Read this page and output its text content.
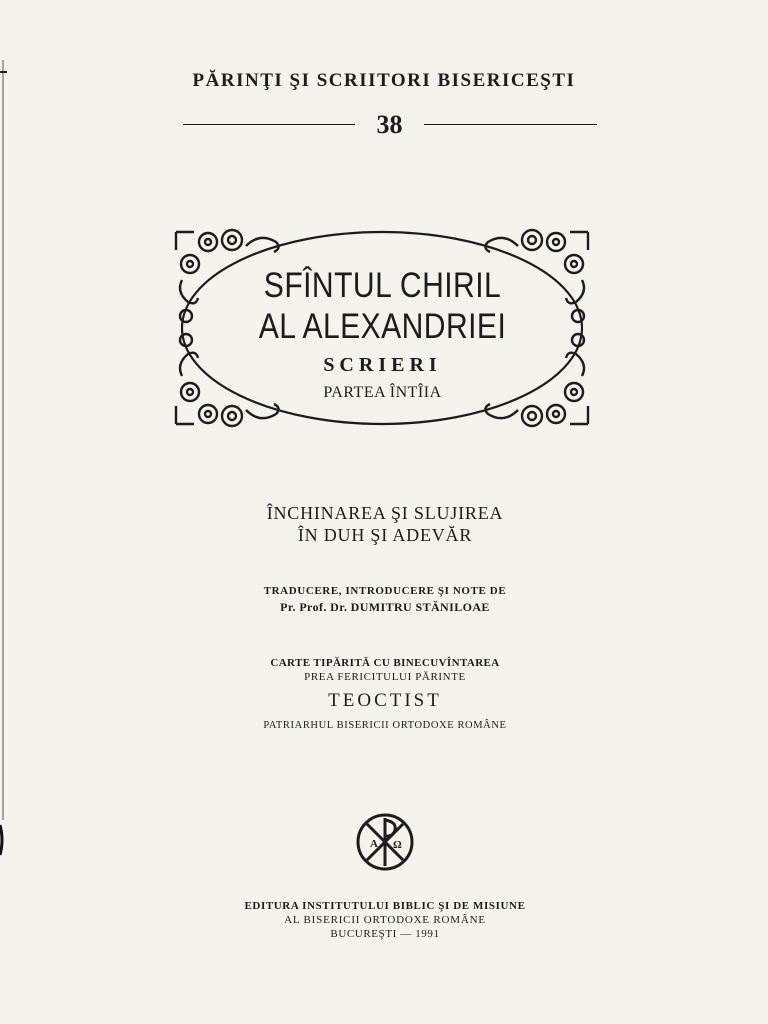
PĂRINŢI ŞI SCRIITORI BISERICEŞTI
38
SFÎNTUL CHIRIL
AL ALEXANDRIEI
SCRIERI
PARTEA ÎNTÎIA
ÎNCHINAREA ŞI SLUJIREA
ÎN DUH ŞI ADEVĂR
TRADUCERE, INTRODUCERE ŞI NOTE DE
Pr. Prof. Dr. DUMITRU STĂNILOAE
CARTE TIPĂRITĂ CU BINECUVÎNTAREA
PREA FERICITULUI PĂRINTE
TEOCTIST
PATRIARHUL BISERICII ORTODOXE ROMÂNE
Α Ω
EDITURA INSTITUTULUI BIBLIC ŞI DE MISIUNE
AL BISERICII ORTODOXE ROMÂNE
BUCUREŞTI — 1991
